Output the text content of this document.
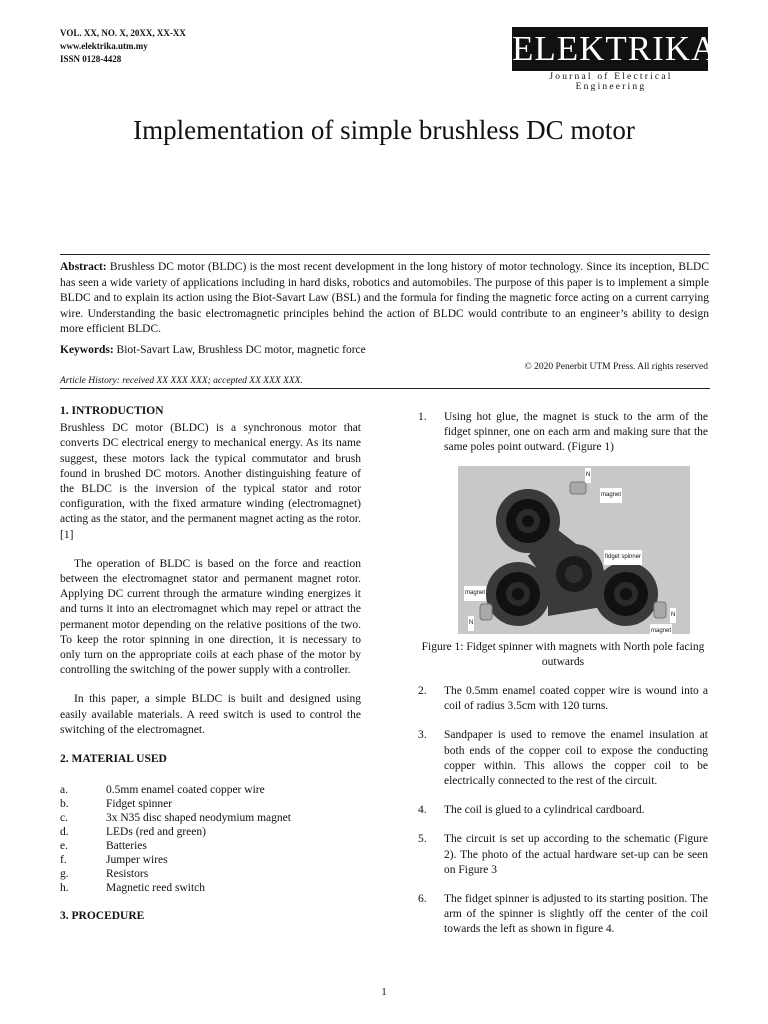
VOL. XX, NO. X, 20XX, XX-XX
www.elektrika.utm.my
ISSN 0128-4428	ELEKTRIKA
Journal of Electrical Engineering
Implementation of simple brushless DC motor
Abstract: Brushless DC motor (BLDC) is the most recent development in the long history of motor technology. Since its inception, BLDC has seen a wide variety of applications including in hard disks, robotics and automobiles. The purpose of this paper is to implement a simple BLDC and to explain its action using the Biot-Savart Law (BSL) and the formula for finding the magnetic force acting on a current carrying wire. Understanding the basic electromagnetic principles behind the action of BLDC would contribute to an engineer’s ability to design more efficient BLDC.
Keywords: Biot-Savart Law, Brushless DC motor, magnetic force
© 2020 Penerbit UTM Press. All rights reserved
Article History: received XX XXX XXX; accepted XX XXX XXX.
1. INTRODUCTION

Brushless DC motor (BLDC) is a synchronous motor that converts DC electrical energy to mechanical energy. As its name suggest, these motors lack the typical commutator and brush found in brushed DC motors. Another distinguishing feature of the BLDC is the inversion of the typical stator and rotor configuration, with the fixed armature winding (electromagnet) acting as the stator, and the permanent magnet acting as the rotor.[1]

The operation of BLDC is based on the force and reaction between the electromagnet stator and permanent magnet rotor. Applying DC current through the armature winding energizes it and turns it into an electromagnet which may repel or attract the permanent motor depending on the relative positions of the two. To keep the rotor spinning in one direction, it is necessary to only turn on the appropriate coils at each phase of the motor by controlling the switching of the power supply with a controller.

In this paper, a simple BLDC is built and designed using easily available materials. A reed switch is used to control the switching of the electromagnet.

2. MATERIAL USED
a.	0.5mm enamel coated copper wire
b.	Fidget spinner
c.	3x N35 disc shaped neodymium magnet
d.	LEDs (red and green)
e.	Batteries
f.	Jumper wires
g.	Resistors
h.	Magnetic reed switch
3. PROCEDURE
1.	Using hot glue, the magnet is stuck to the arm of the fidget spinner, one on each arm and making sure that the same poles point outward. (Figure 1)
N
magnet
fidget spinner
magnet
N
N
magnet
Figure 1: Fidget spinner with magnets with North pole facing outwards
2.	The 0.5mm enamel coated copper wire is wound into a coil of radius 3.5cm with 120 turns.
3.	Sandpaper is used to remove the enamel insulation at both ends of the copper coil to expose the conducting copper within. This allows the copper coil to be electrically connected to the rest of the circuit.
4.	The coil is glued to a cylindrical cardboard.
5.	The circuit is set up according to the schematic (Figure 2). The photo of the actual hardware set-up can be seen on Figure 3
6.	The fidget spinner is adjusted to its starting position. The arm of the spinner is slightly off the center of the coil towards the left as shown in figure 4.
1
